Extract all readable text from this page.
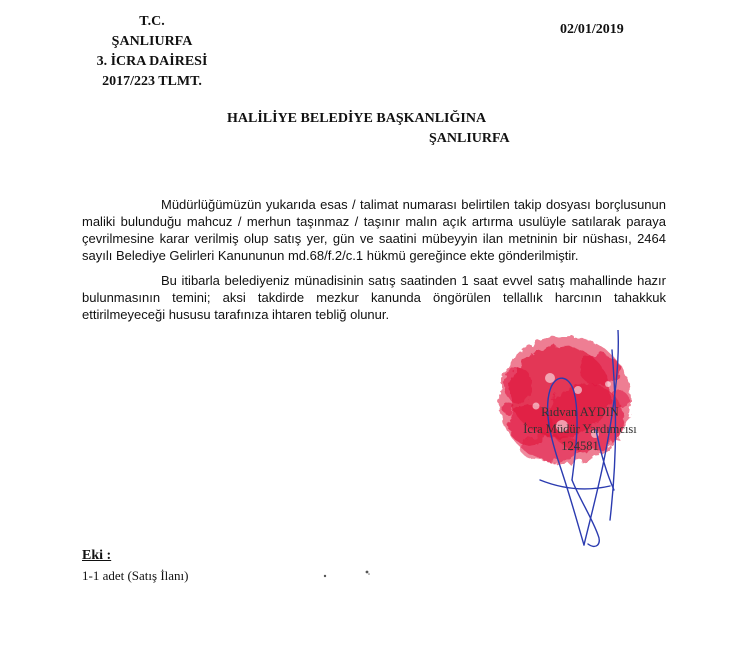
T.C.
ŞANLIURFA
3. İCRA DAİRESİ
2017/223 TLMT.
02/01/2019
HALİLİYE BELEDİYE BAŞKANLIĞINA
ŞANLIURFA

Müdürlüğümüzün yukarıda esas / talimat numarası belirtilen takip dosyası borçlusunun maliki bulunduğu mahcuz / merhun taşınmaz / taşınır malın açık artırma usulüyle satılarak paraya çevrilmesine karar verilmiş olup satış yer, gün ve saatini mübeyyin ilan metninin bir nüshası, 2464 sayılı Belediye Gelirleri Kanununun md.68/f.2/c.1 hükmü gereğince ekte gönderilmiştir.

Bu itibarla belediyeniz münadisinin satış saatinden 1 saat evvel satış mahallinde hazır bulunmasının temini; aksi takdirde mezkur kanunda öngörülen tellallık harcının tahakkuk ettirilmeyeceği hususu tarafınıza ihtaren tebliğ olunur.

Rıdvan AYDIN
İcra Müdür Yardımcısı
124581
Eki :
1-1 adet (Satış İlanı)
